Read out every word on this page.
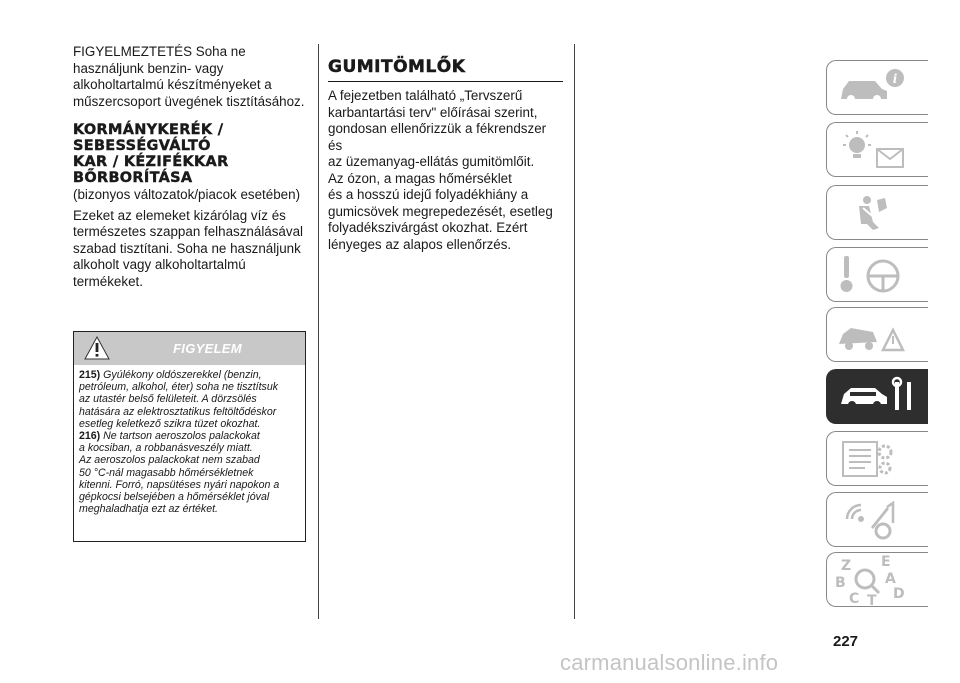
FIGYELMEZTETÉS Soha ne

használjunk benzin- vagy

alkoholtartalmú készítményeket a

műszercsoport üvegének tisztításához.

KORMÁNYKERÉK /

SEBESSÉGVÁLTÓ

KAR / KÉZIFÉKKAR

BŐRBORÍTÁSA

(bizonyos változatok/piacok esetében)

Ezeket az elemeket kizárólag víz és

természetes szappan felhasználásával

szabad tisztítani. Soha ne használjunk

alkoholt vagy alkoholtartalmú

termékeket.

FIGYELEM
215) Gyúlékony oldószerekkel (benzin,
petróleum, alkohol, éter) soha ne tisztítsuk
az utastér belső felületeit. A dörzsölés
hatására az elektrosztatikus feltöltődéskor
esetleg keletkező szikra tüzet okozhat.
216) Ne tartson aeroszolos palackokat
a kocsiban, a robbanásveszély miatt.
Az aeroszolos palackokat nem szabad
50 °C-nál magasabb hőmérsékletnek
kitenni. Forró, napsütéses nyári napokon a
gépkocsi belsejében a hőmérséklet jóval
meghaladhatja ezt az értéket.

GUMITÖMLŐK

A fejezetben található „Tervszerű

karbantartási terv" előírásai szerint,

gondosan ellenőrizzük a fékrendszer és

az üzemanyag-ellátás gumitömlőit.

Az ózon, a magas hőmérséklet

és a hosszú idejű folyadékhiány a

gumicsövek megrepedezését, esetleg

folyadékszivárgást okozhat. Ezért

lényeges az alapos ellenőrzés.

i
Z E
B	A
C T D
227
carmanualsonline.info
